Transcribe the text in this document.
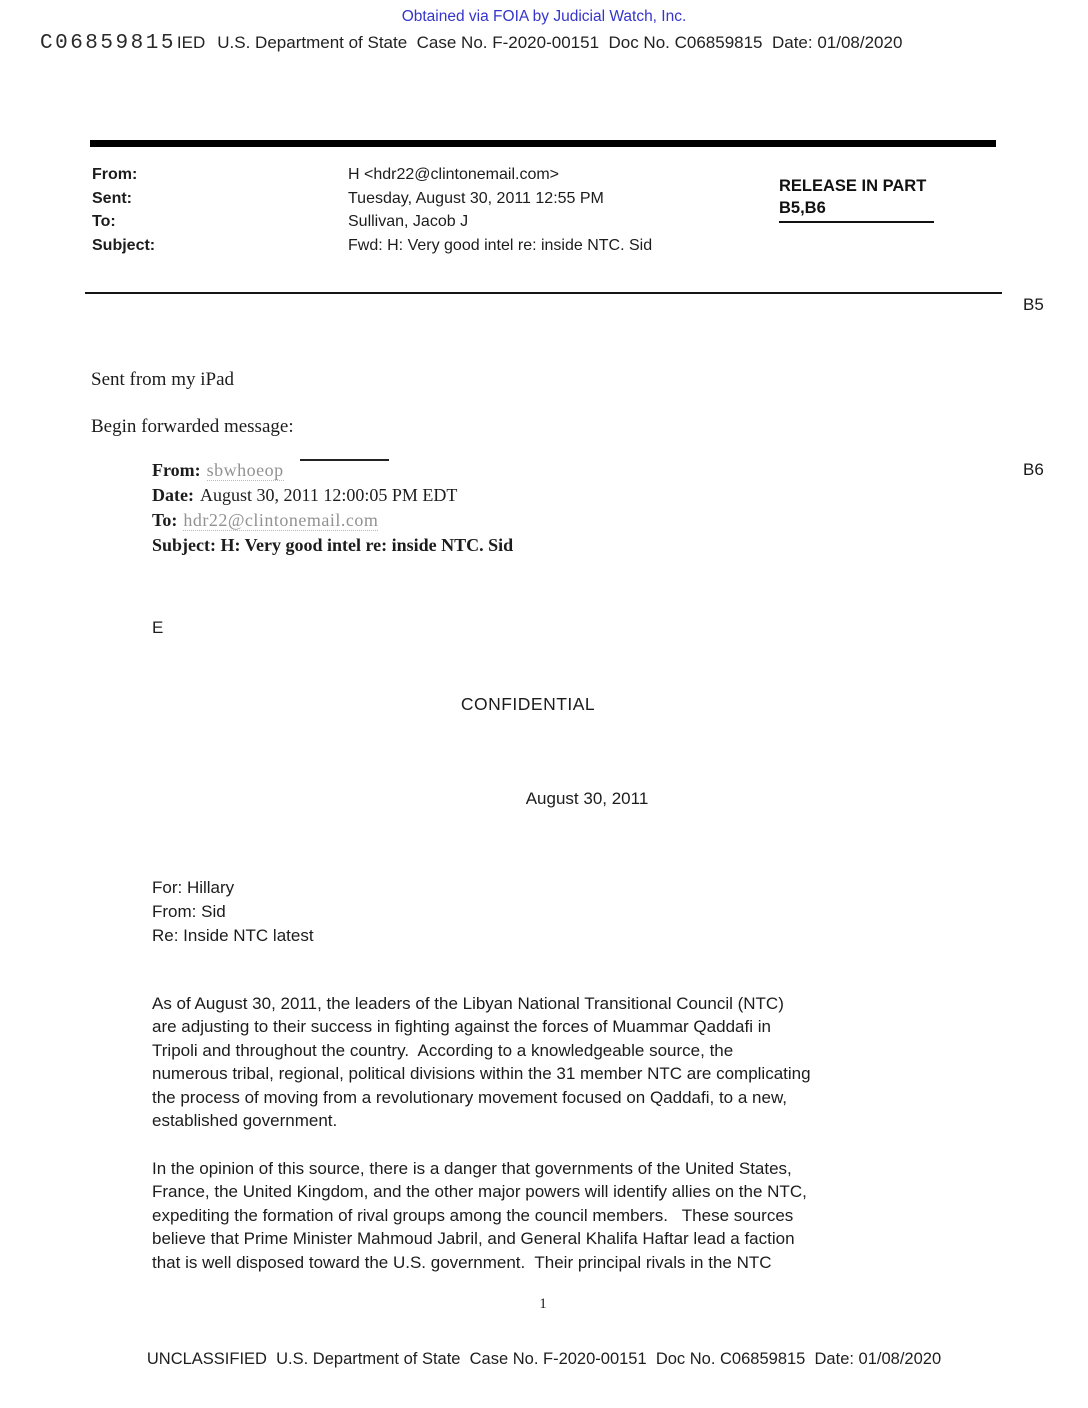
Obtained via FOIA by Judicial Watch, Inc.
C06859815IED U.S. Department of State  Case No. F-2020-00151  Doc No. C06859815  Date: 01/08/2020
From:	H <hdr22@clintonemail.com>
Sent:	Tuesday, August 30, 2011 12:55 PM
To:	Sullivan, Jacob J
Subject:	Fwd: H: Very good intel re: inside NTC. Sid
RELEASE IN PART
B5,B6
B5
B6
Sent from my iPad
Begin forwarded message:
From: sbwhoeop
Date: August 30, 2011 12:00:05 PM EDT
To: hdr22@clintonemail.com
Subject: H: Very good intel re: inside NTC. Sid
E
CONFIDENTIAL
August 30, 2011
For: Hillary
From: Sid
Re: Inside NTC latest
As of August 30, 2011, the leaders of the Libyan National Transitional Council (NTC)
are adjusting to their success in fighting against the forces of Muammar Qaddafi in
Tripoli and throughout the country.  According to a knowledgeable source, the
numerous tribal, regional, political divisions within the 31 member NTC are complicating
the process of moving from a revolutionary movement focused on Qaddafi, to a new,
established government.
In the opinion of this source, there is a danger that governments of the United States,
France, the United Kingdom, and the other major powers will identify allies on the NTC,
expediting the formation of rival groups among the council members.   These sources
believe that Prime Minister Mahmoud Jabril, and General Khalifa Haftar lead a faction
that is well disposed toward the U.S. government.  Their principal rivals in the NTC
1
UNCLASSIFIED  U.S. Department of State  Case No. F-2020-00151  Doc No. C06859815  Date: 01/08/2020
